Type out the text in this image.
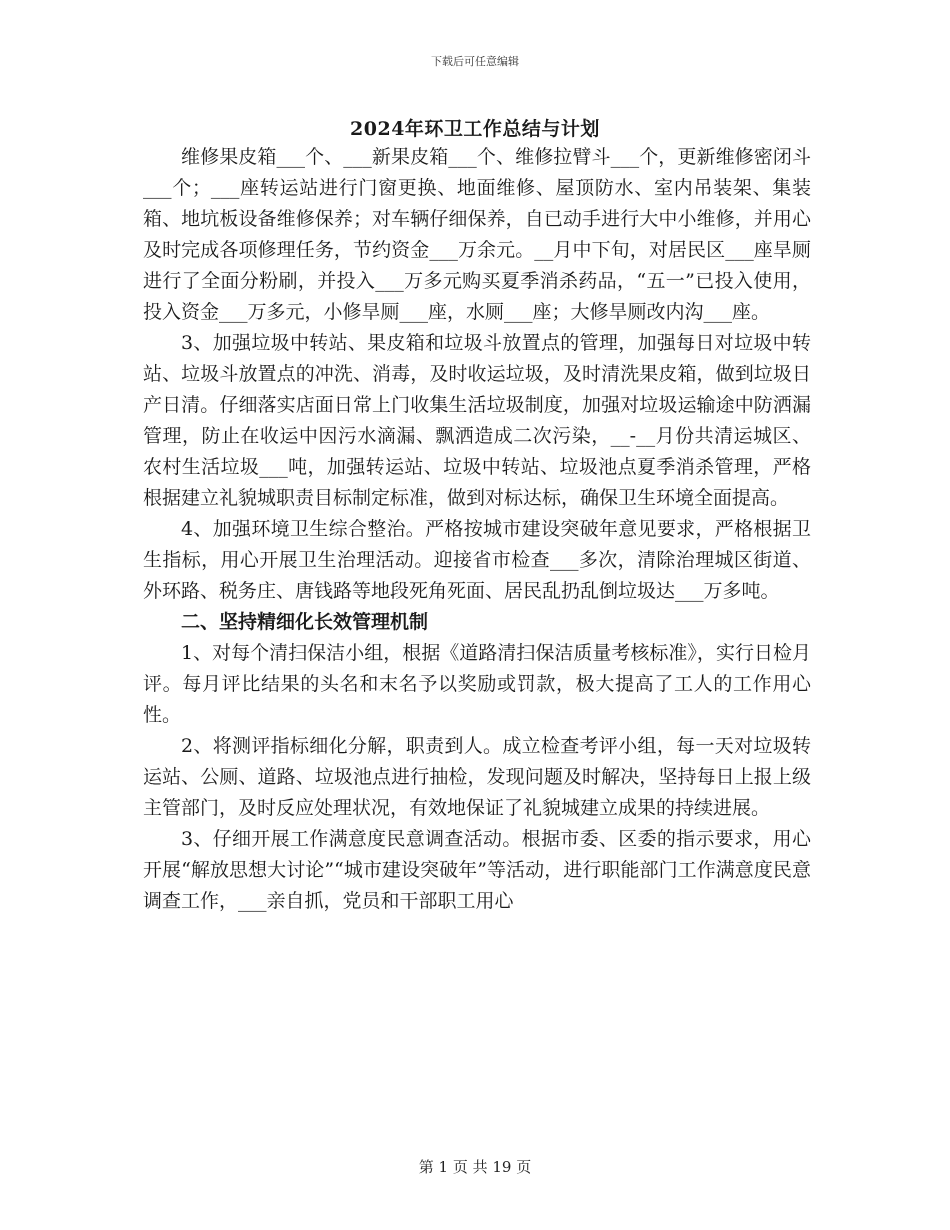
下载后可任意编辑
2024年环卫工作总结与计划

维修果皮箱___个、___新果皮箱___个、维修拉臂斗___个，更新维修密闭斗___个；___座转运站进行门窗更换、地面维修、屋顶防水、室内吊装架、集装箱、地坑板设备维修保养；对车辆仔细保养，自已动手进行大中小维修，并用心及时完成各项修理任务，节约资金___万余元。__月中下旬，对居民区___座旱厕进行了全面分粉刷，并投入___万多元购买夏季消杀药品，“五一”已投入使用，投入资金___万多元，小修旱厕___座，水厕___座；大修旱厕改内沟___座。

3、加强垃圾中转站、果皮箱和垃圾斗放置点的管理，加强每日对垃圾中转站、垃圾斗放置点的冲洗、消毒，及时收运垃圾，及时清洗果皮箱，做到垃圾日产日清。仔细落实店面日常上门收集生活垃圾制度，加强对垃圾运输途中防洒漏管理，防止在收运中因污水滴漏、飘洒造成二次污染，__-__月份共清运城区、农村生活垃圾___吨，加强转运站、垃圾中转站、垃圾池点夏季消杀管理，严格根据建立礼貌城职责目标制定标准，做到对标达标，确保卫生环境全面提高。

4、加强环境卫生综合整治。严格按城市建设突破年意见要求，严格根据卫生指标，用心开展卫生治理活动。迎接省市检查___多次，清除治理城区街道、外环路、税务庄、唐钱路等地段死角死面、居民乱扔乱倒垃圾达___万多吨。

二、坚持精细化长效管理机制

1、对每个清扫保洁小组，根据《道路清扫保洁质量考核标准》，实行日检月评。每月评比结果的头名和末名予以奖励或罚款，极大提高了工人的工作用心性。

2、将测评指标细化分解，职责到人。成立检查考评小组，每一天对垃圾转运站、公厕、道路、垃圾池点进行抽检，发现问题及时解决，坚持每日上报上级主管部门，及时反应处理状况，有效地保证了礼貌城建立成果的持续进展。

3、仔细开展工作满意度民意调查活动。根据市委、区委的指示要求，用心开展“解放思想大讨论”“城市建设突破年”等活动，进行职能部门工作满意度民意调查工作，___亲自抓，党员和干部职工用心

第 1 页 共 19 页
